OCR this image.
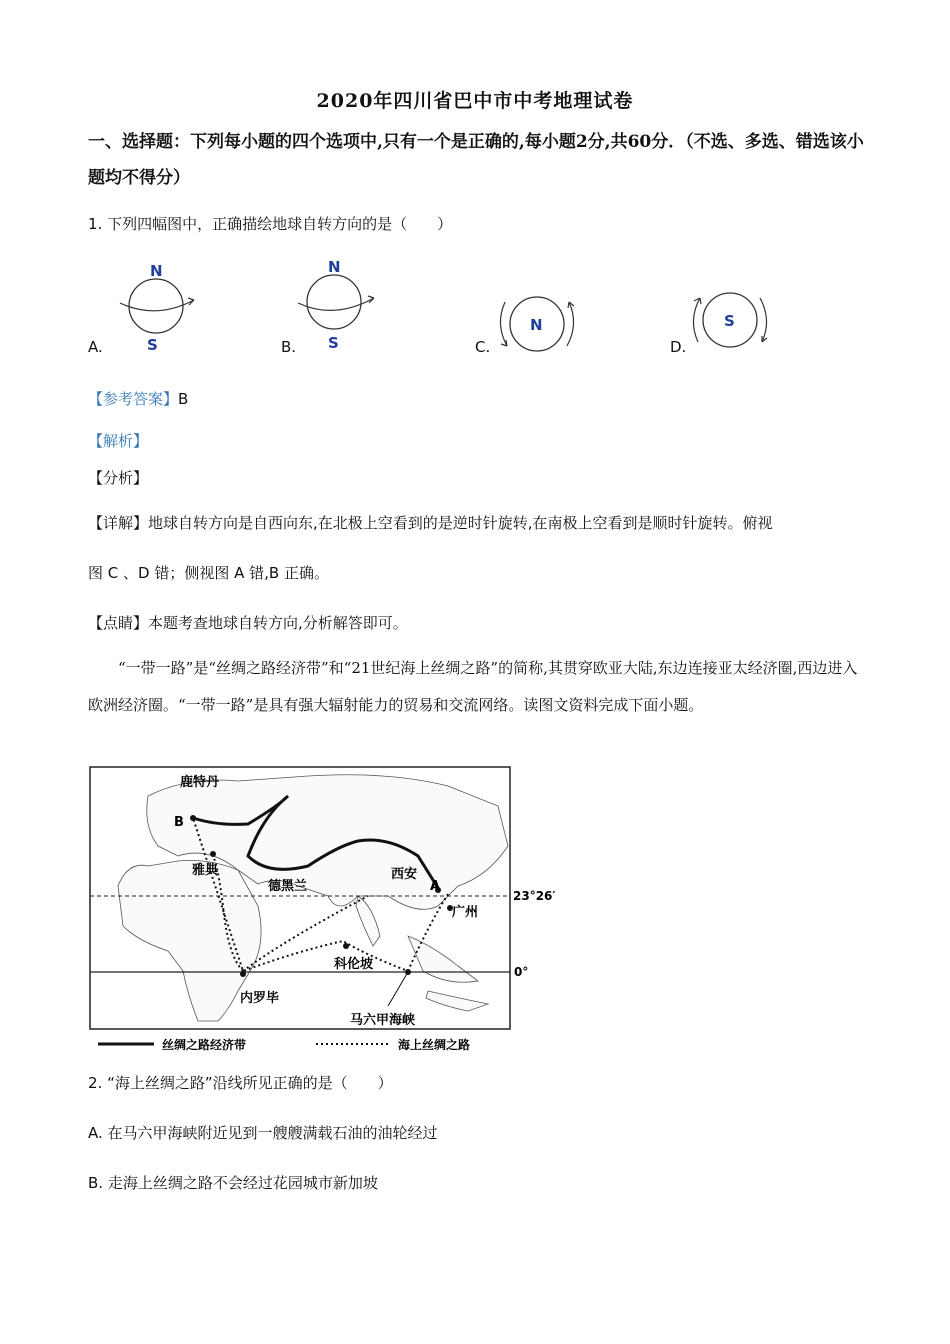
2020年四川省巴中市中考地理试卷
一、选择题：下列每小题的四个选项中,只有一个是正确的,每小题2分,共60分．（不选、多选、错选该小题均不得分）
1. 下列四幅图中，正确描绘地球自转方向的是（　　）
A.
N
S	B.
N
S	C.
N
D.
S
【参考答案】B
【解析】
【分析】
【详解】地球自转方向是自西向东,在北极上空看到的是逆时针旋转,在南极上空看到是顺时针旋转。俯视
图 C 、D 错；侧视图 A 错,B 正确。
【点睛】本题考查地球自转方向,分析解答即可。
“一带一路”是“丝绸之路经济带”和“21世纪海上丝绸之路”的简称,其贯穿欧亚大陆,东边连接亚太经济圈,西边进入欧洲经济圈。“一带一路”是具有强大辐射能力的贸易和交流网络。读图文资料完成下面小题。
鹿特丹
B
雅典
德黑兰
西安
A
广州
科伦坡
内罗毕
马六甲海峡
23°26′
0°
丝绸之路经济带	海上丝绸之路
2. “海上丝绸之路”沿线所见正确的是（　　）
A. 在马六甲海峡附近见到一艘艘满载石油的油轮经过
B. 走海上丝绸之路不会经过花园城市新加坡
